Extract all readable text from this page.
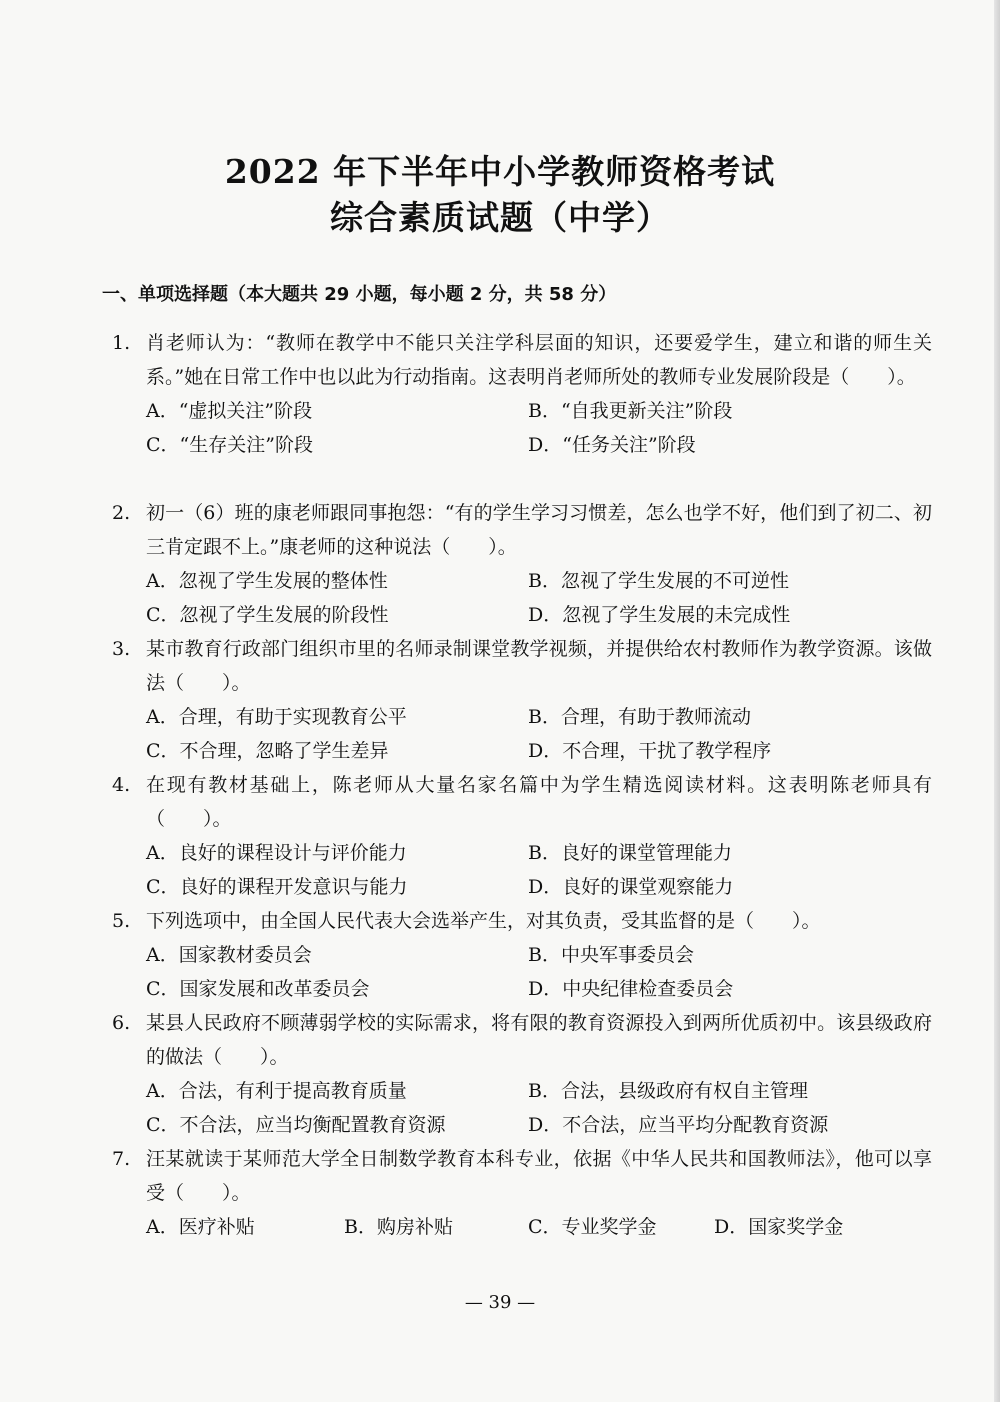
2022 年下半年中小学教师资格考试
综合素质试题（中学）
一、单项选择题（本大题共 29 小题，每小题 2 分，共 58 分）
1. 肖老师认为：“教师在教学中不能只关注学科层面的知识，还要爱学生，建立和谐的师生关系。”她在日常工作中也以此为行动指南。这表明肖老师所处的教师专业发展阶段是（　　）。
A．“虚拟关注”阶段	B．“自我更新关注”阶段
C．“生存关注”阶段	D．“任务关注”阶段
2. 初一（6）班的康老师跟同事抱怨：“有的学生学习习惯差，怎么也学不好，他们到了初二、初三肯定跟不上。”康老师的这种说法（　　）。
A．忽视了学生发展的整体性	B．忽视了学生发展的不可逆性
C．忽视了学生发展的阶段性	D．忽视了学生发展的未完成性
3. 某市教育行政部门组织市里的名师录制课堂教学视频，并提供给农村教师作为教学资源。该做法（　　）。
A．合理，有助于实现教育公平	B．合理，有助于教师流动
C．不合理，忽略了学生差异	D．不合理，干扰了教学程序
4. 在现有教材基础上，陈老师从大量名家名篇中为学生精选阅读材料。这表明陈老师具有（　　）。
A．良好的课程设计与评价能力	B．良好的课堂管理能力
C．良好的课程开发意识与能力	D．良好的课堂观察能力
5. 下列选项中，由全国人民代表大会选举产生，对其负责，受其监督的是（　　）。
A．国家教材委员会	B．中央军事委员会
C．国家发展和改革委员会	D．中央纪律检查委员会
6. 某县人民政府不顾薄弱学校的实际需求，将有限的教育资源投入到两所优质初中。该县级政府的做法（　　）。
A．合法，有利于提高教育质量	B．合法，县级政府有权自主管理
C．不合法，应当均衡配置教育资源	D．不合法，应当平均分配教育资源
7. 汪某就读于某师范大学全日制数学教育本科专业，依据《中华人民共和国教师法》，他可以享受（　　）。
A．医疗补贴	B．购房补贴	C．专业奖学金	D．国家奖学金
— 39 —
